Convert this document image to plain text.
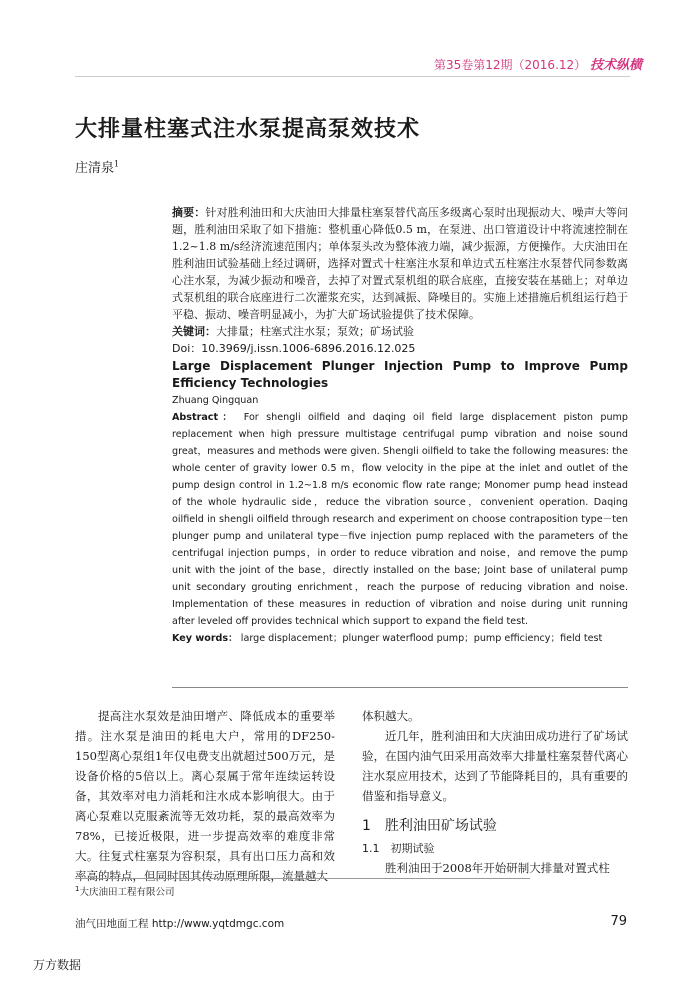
第35卷第12期（2016.12） 技术纵横
大排量柱塞式注水泵提高泵效技术
庄清泉$^1$

摘要：针对胜利油田和大庆油田大排量柱塞泵替代高压多级离心泵时出现振动大、噪声大等问题，胜利油田采取了如下措施：整机重心降低0.5 m，在泵进、出口管道设计中将流速控制在1.2~1.8 m/s经济流速范围内；单体泵头改为整体液力端，减少振源，方便操作。大庆油田在胜利油田试验基础上经过调研，选择对置式十柱塞注水泵和单边式五柱塞注水泵替代同参数离心注水泵，为减少振动和噪音，去掉了对置式泵机组的联合底座，直接安装在基础上；对单边式泵机组的联合底座进行二次灌浆充实，达到减振、降噪目的。实施上述措施后机组运行趋于平稳、振动、噪音明显减小，为扩大矿场试验提供了技术保障。

关键词：大排量；柱塞式注水泵；泵效；矿场试验

Doi：10.3969/j.issn.1006-6896.2016.12.025

Large Displacement Plunger Injection Pump to Improve Pump Efficiency Technologies

Zhuang Qingquan

Abstract： For shengli oilfield and daqing oil field large displacement piston pump replacement when high pressure multistage centrifugal pump vibration and noise sound great，measures and methods were given. Shengli oilfield to take the following measures: the whole center of gravity lower 0.5 m，flow velocity in the pipe at the inlet and outlet of the pump design control in 1.2~1.8 m/s economic flow rate range; Monomer pump head instead of the whole hydraulic side，reduce the vibration source，convenient operation. Daqing oilfield in shengli oilfield through research and experiment on choose contraposition type－ten plunger pump and unilateral type－five injection pump replaced with the parameters of the centrifugal injection pumps，in order to reduce vibration and noise，and remove the pump unit with the joint of the base，directly installed on the base; Joint base of unilateral pump unit secondary grouting enrichment，reach the purpose of reducing vibration and noise. Implementation of these measures in reduction of vibration and noise during unit running after leveled off provides technical which support to expand the field test.

Key words： large displacement；plunger waterflood pump；pump efficiency；field test

提高注水泵效是油田增产、降低成本的重要举措。注水泵是油田的耗电大户，常用的DF250-150型离心泵组1年仅电费支出就超过500万元，是设备价格的5倍以上。离心泵属于常年连续运转设备，其效率对电力消耗和注水成本影响很大。由于离心泵难以克服紊流等无效功耗，泵的最高效率为78%，已接近极限，进一步提高效率的难度非常大。往复式柱塞泵为容积泵，具有出口压力高和效率高的特点，但同时因其传动原理所限，流量越大

体积越大。

近几年，胜利油田和大庆油田成功进行了矿场试验，在国内油气田采用高效率大排量柱塞泵替代离心注水泵应用技术，达到了节能降耗目的，具有重要的借鉴和指导意义。

1　胜利油田矿场试验
1.1　初期试验

胜利油田于2008年开始研制大排量对置式柱

$^1$大庆油田工程有限公司
油气田地面工程 http://www.yqtdmgc.com	79
万方数据
